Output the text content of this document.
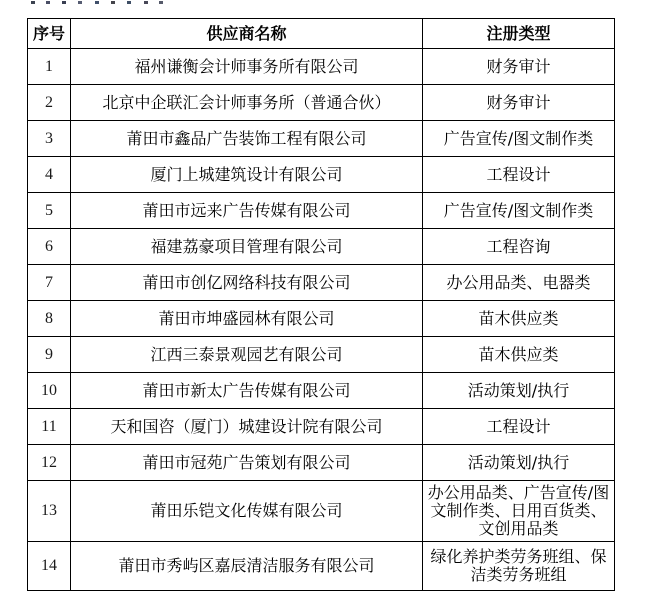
序号	供应商名称	注册类型
1	福州谦衡会计师事务所有限公司	财务审计
2	北京中企联汇会计师事务所（普通合伙）	财务审计
3	莆田市鑫品广告装饰工程有限公司	广告宣传/图文制作类
4	厦门上城建筑设计有限公司	工程设计
5	莆田市远来广告传媒有限公司	广告宣传/图文制作类
6	福建荔豪项目管理有限公司	工程咨询
7	莆田市创亿网络科技有限公司	办公用品类、电器类
8	莆田市坤盛园林有限公司	苗木供应类
9	江西三泰景观园艺有限公司	苗木供应类
10	莆田市新太广告传媒有限公司	活动策划/执行
11	天和国咨（厦门）城建设计院有限公司	工程设计
12	莆田市冠苑广告策划有限公司	活动策划/执行
13	莆田乐铠文化传媒有限公司	办公用品类、广告宣传/图文制作类、日用百货类、文创用品类
14	莆田市秀屿区嘉辰清洁服务有限公司	绿化养护类劳务班组、保洁类劳务班组
